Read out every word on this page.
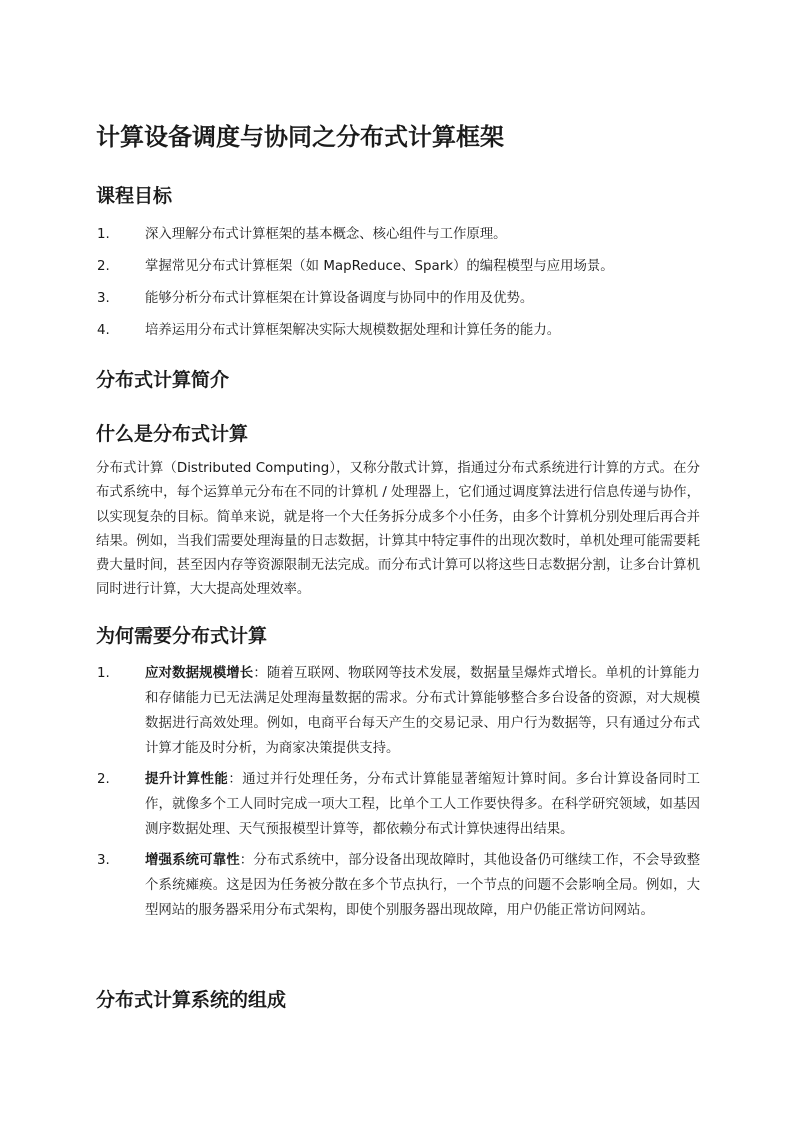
计算设备调度与协同之分布式计算框架
课程目标
1.	深入理解分布式计算框架的基本概念、核心组件与工作原理。
2.	掌握常见分布式计算框架（如 MapReduce、Spark）的编程模型与应用场景。
3.	能够分析分布式计算框架在计算设备调度与协同中的作用及优势。
4.	培养运用分布式计算框架解决实际大规模数据处理和计算任务的能力。
分布式计算简介
什么是分布式计算

分布式计算（Distributed Computing），又称分散式计算，指通过分布式系统进行计算的方式。在分布式系统中，每个运算单元分布在不同的计算机 / 处理器上，它们通过调度算法进行信息传递与协作，以实现复杂的目标。简单来说，就是将一个大任务拆分成多个小任务，由多个计算机分别处理后再合并结果。例如，当我们需要处理海量的日志数据，计算其中特定事件的出现次数时，单机处理可能需要耗费大量时间，甚至因内存等资源限制无法完成。而分布式计算可以将这些日志数据分割，让多台计算机同时进行计算，大大提高处理效率。

为何需要分布式计算
1.	应对数据规模增长：随着互联网、物联网等技术发展，数据量呈爆炸式增长。单机的计算能力和存储能力已无法满足处理海量数据的需求。分布式计算能够整合多台设备的资源，对大规模数据进行高效处理。例如，电商平台每天产生的交易记录、用户行为数据等，只有通过分布式计算才能及时分析，为商家决策提供支持。
2.	提升计算性能：通过并行处理任务，分布式计算能显著缩短计算时间。多台计算设备同时工作，就像多个工人同时完成一项大工程，比单个工人工作要快得多。在科学研究领域，如基因测序数据处理、天气预报模型计算等，都依赖分布式计算快速得出结果。
3.	增强系统可靠性：分布式系统中，部分设备出现故障时，其他设备仍可继续工作，不会导致整个系统瘫痪。这是因为任务被分散在多个节点执行，一个节点的问题不会影响全局。例如，大型网站的服务器采用分布式架构，即使个别服务器出现故障，用户仍能正常访问网站。
分布式计算系统的组成
